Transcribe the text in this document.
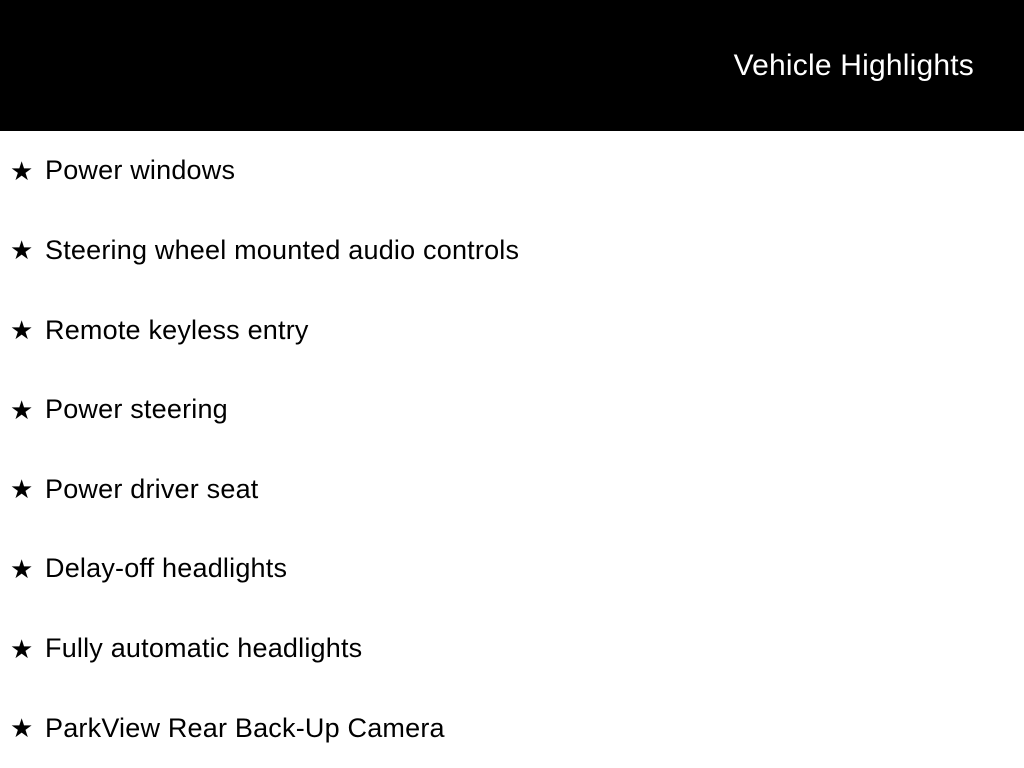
Vehicle Highlights
★ Power windows
★ Steering wheel mounted audio controls
★ Remote keyless entry
★ Power steering
★ Power driver seat
★ Delay-off headlights
★ Fully automatic headlights
★ ParkView Rear Back-Up Camera
